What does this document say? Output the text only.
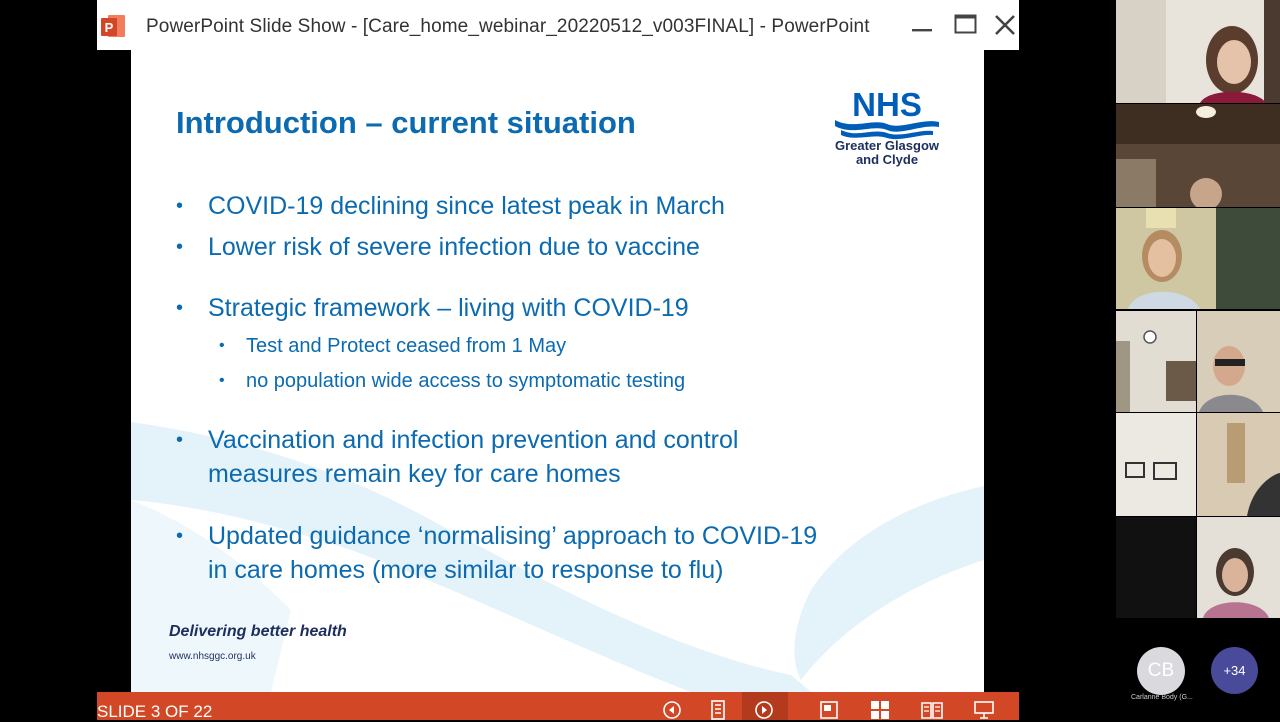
P PowerPoint Slide Show - [Care_home_webinar_20220512_v003FINAL] - PowerPoint
Introduction – current situation	NHS
Greater Glasgow
and Clyde
• COVID-19 declining since latest peak in March
• Lower risk of severe infection due to vaccine
• Strategic framework – living with COVID-19
• Test and Protect ceased from 1 May
• no population wide access to symptomatic testing
• Vaccination and infection prevention and control
measures remain key for care homes
• Updated guidance ‘normalising’ approach to COVID-19
in care homes (more similar to response to flu)
Delivering better health
www.nhsggc.org.uk
SLIDE 3 OF 22
CB
Carlanne Body (G...
+34
